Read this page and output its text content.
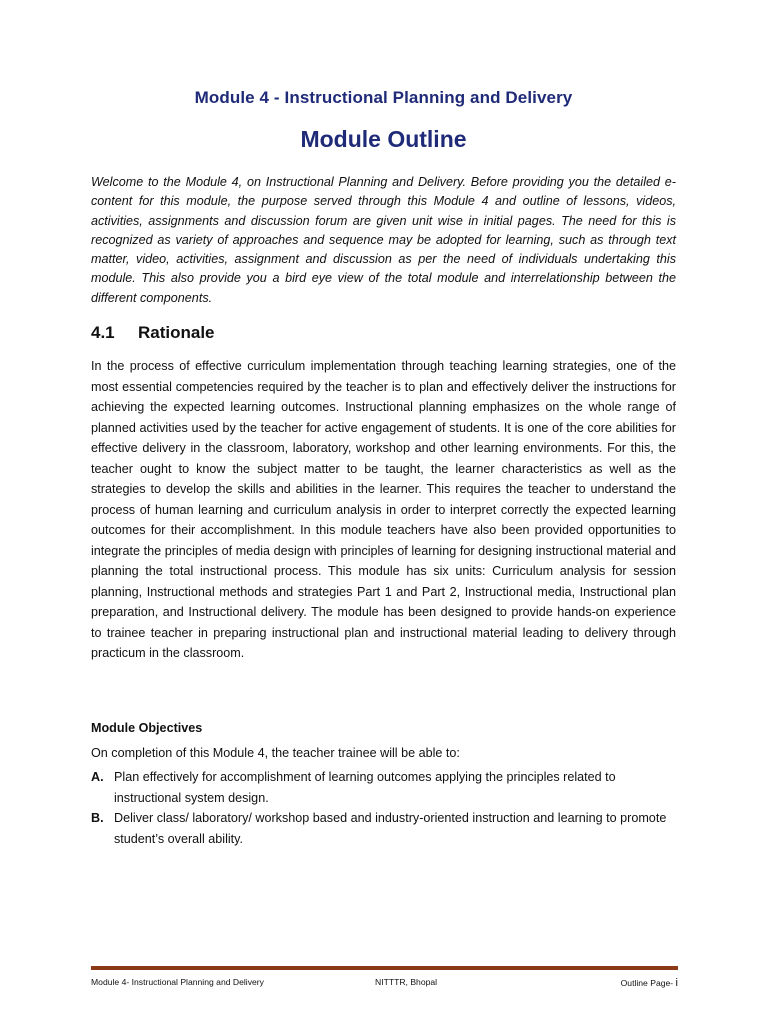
Module 4 - Instructional Planning and Delivery
Module Outline

Welcome to the Module 4, on Instructional Planning and Delivery. Before providing you the detailed e-content for this module, the purpose served through this Module 4 and outline of lessons, videos, activities, assignments and discussion forum are given unit wise in initial pages. The need for this is recognized as variety of approaches and sequence may be adopted for learning, such as through text matter, video, activities, assignment and discussion as per the need of individuals undertaking this module. This also provide you a bird eye view of the total module and interrelationship between the different components.

4.1 Rationale

In the process of effective curriculum implementation through teaching learning strategies, one of the most essential competencies required by the teacher is to plan and effectively deliver the instructions for achieving the expected learning outcomes. Instructional planning emphasizes on the whole range of planned activities used by the teacher for active engagement of students. It is one of the core abilities for effective delivery in the classroom, laboratory, workshop and other learning environments. For this, the teacher ought to know the subject matter to be taught, the learner characteristics as well as the strategies to develop the skills and abilities in the learner. This requires the teacher to understand the process of human learning and curriculum analysis in order to interpret correctly the expected learning outcomes for their accomplishment. In this module teachers have also been provided opportunities to integrate the principles of media design with principles of learning for designing instructional material and planning the total instructional process. This module has six units: Curriculum analysis for session planning, Instructional methods and strategies Part 1 and Part 2, Instructional media, Instructional plan preparation, and Instructional delivery. The module has been designed to provide hands-on experience to trainee teacher in preparing instructional plan and instructional material leading to delivery through practicum in the classroom.

Module Objectives
On completion of this Module 4, the teacher trainee will be able to:
A. Plan effectively for accomplishment of learning outcomes applying the principles related to instructional system design.
B. Deliver class/ laboratory/ workshop based and industry-oriented instruction and learning to promote student’s overall ability.
Module 4- Instructional Planning and Delivery	NITTTR, Bhopal	Outline Page- i
